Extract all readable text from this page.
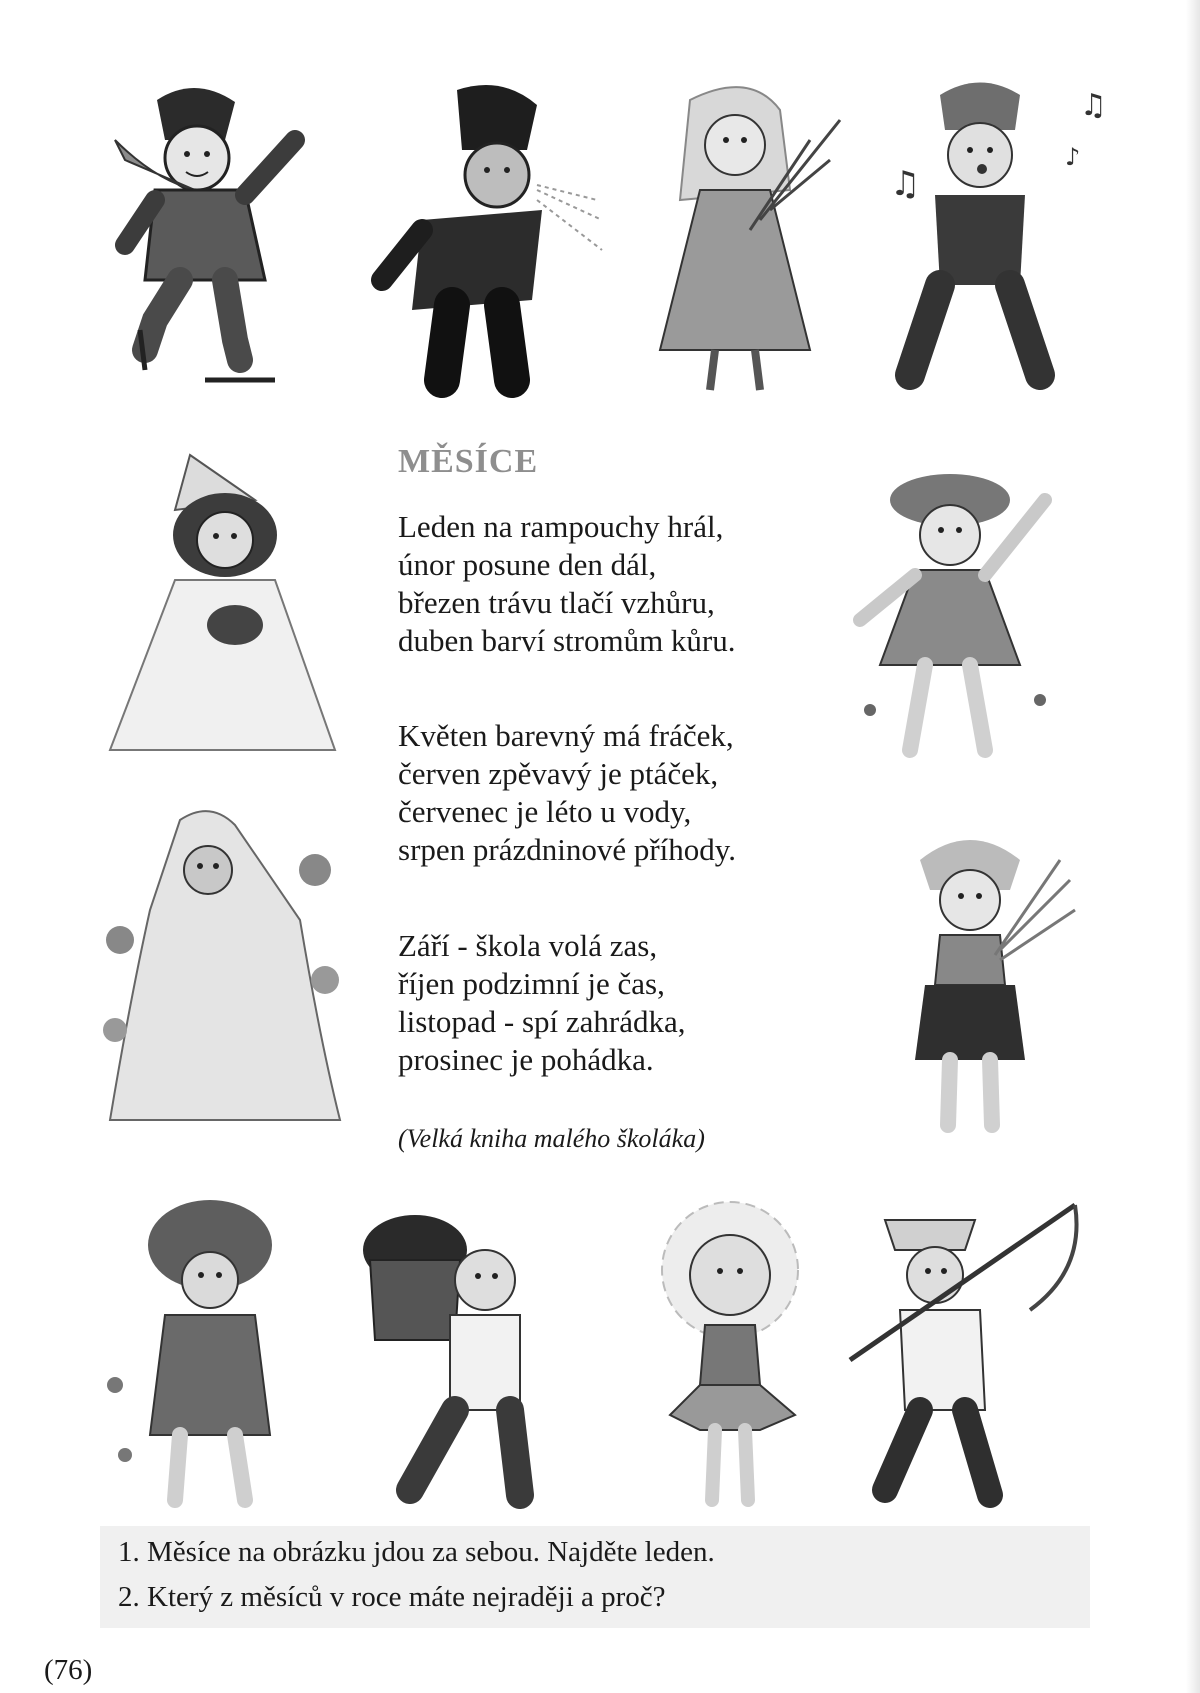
♫
♫
♪
MĚSÍCE
Leden na rampouchy hrál,
únor posune den dál,
březen trávu tlačí vzhůru,
duben barví stromům kůru.
Květen barevný má fráček,
červen zpěvavý je ptáček,
červenec je léto u vody,
srpen prázdninové příhody.
Září - škola volá zas,
říjen podzimní je čas,
listopad - spí zahrádka,
prosinec je pohádka.

(Velká kniha malého školáka)

1. Měsíce na obrázku jdou za sebou. Najděte leden.
2. Který z měsíců v roce máte nejraději a proč?
(76)
